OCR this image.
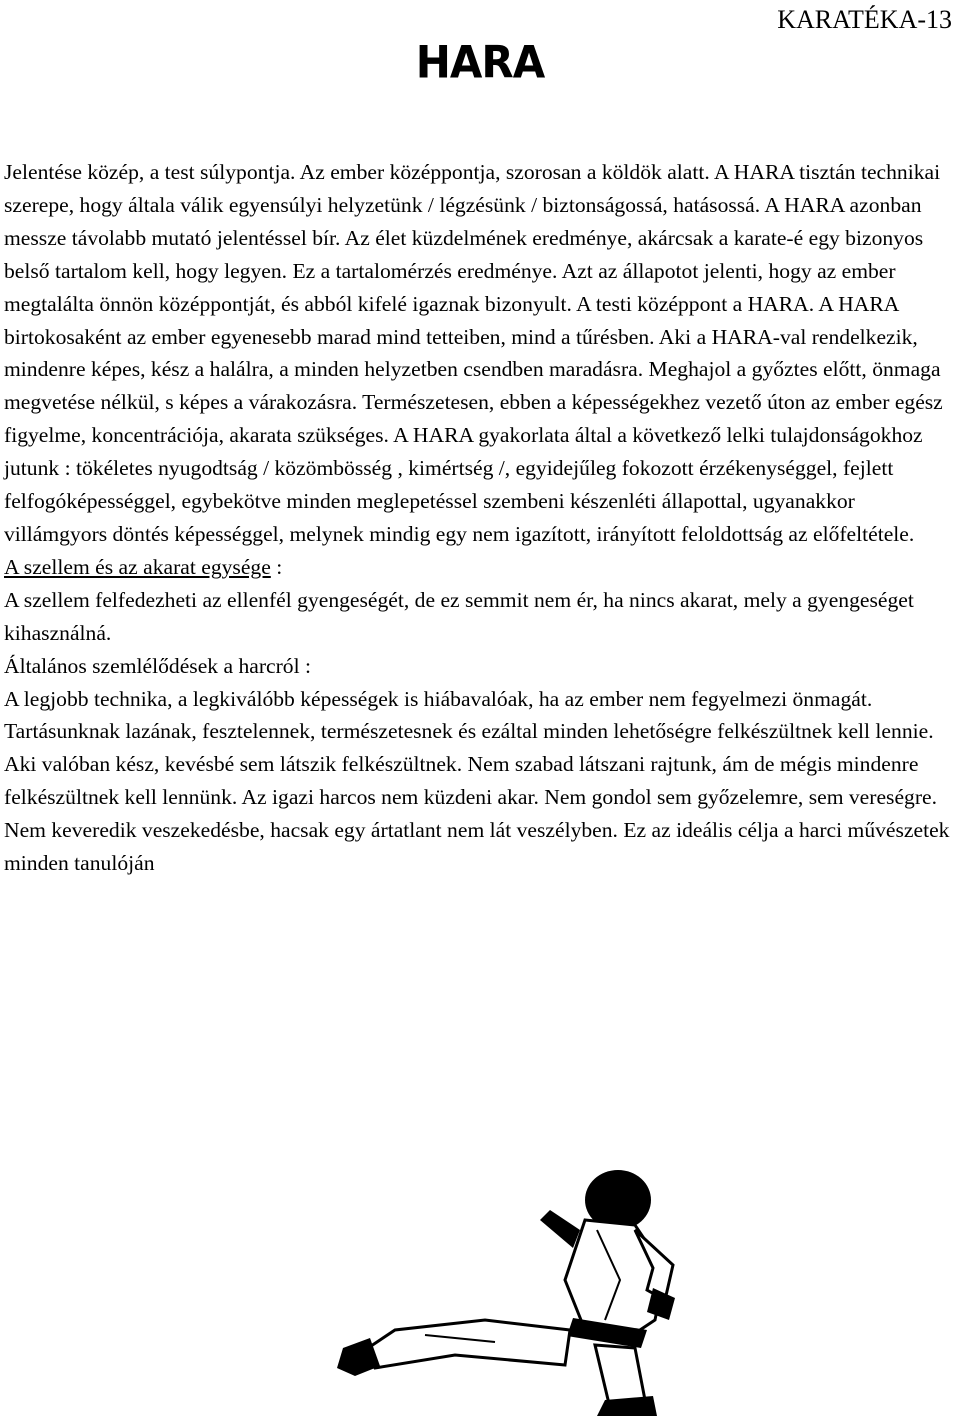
KARATÉKA-13
HARA

Jelentése közép, a test súlypontja. Az ember középpontja, szorosan a köldök alatt. A HARA tisztán technikai szerepe, hogy általa válik egyensúlyi helyzetünk / légzésünk / biztonságossá, hatásossá. A HARA azonban messze távolabb mutató jelentéssel bír. Az élet küzdelmének eredménye, akárcsak a karate-é egy bizonyos belső tartalom kell, hogy legyen. Ez a tartalomérzés eredménye. Azt az állapotot jelenti, hogy az ember megtalálta önnön középpontját, és abból kifelé igaznak bizonyult. A testi középpont a HARA. A HARA birtokosaként az ember egyenesebb marad mind tetteiben, mind a tűrésben. Aki a HARA-val rendelkezik, mindenre képes, kész a halálra, a minden helyzetben csendben maradásra. Meghajol a győztes előtt, önmaga megvetése nélkül, s képes a várakozásra. Természetesen, ebben a képességekhez vezető úton az ember egész figyelme, koncentrációja, akarata szükséges. A HARA gyakorlata által a következő lelki tulajdonságokhoz jutunk : tökéletes nyugodtság / közömbösség , kimértség /, egyidejűleg fokozott érzékenységgel, fejlett felfogóképességgel, egybekötve minden meglepetéssel szembeni készenléti állapottal, ugyanakkor villámgyors döntés képességgel, melynek mindig egy nem igazított, irányított feloldottság az előfeltétele.

A szellem és az akarat egysége :

A szellem felfedezheti az ellenfél gyengeségét, de ez semmit nem ér, ha nincs akarat, mely a gyengeséget kihasználná.

Általános szemlélődések a harcról :

A legjobb technika, a legkiválóbb képességek is hiábavalóak, ha az ember nem fegyelmezi önmagát. Tartásunknak lazának, fesztelennek, természetesnek és ezáltal minden lehetőségre felkészültnek kell lennie. Aki valóban kész, kevésbé sem látszik felkészültnek. Nem szabad látszani rajtunk, ám de mégis mindenre felkészültnek kell lennünk. Az igazi harcos nem küzdeni akar. Nem gondol sem győzelemre, sem vereségre. Nem keveredik veszekedésbe, hacsak egy ártatlant nem lát veszélyben. Ez az ideális célja a harci művészetek minden tanulóján
